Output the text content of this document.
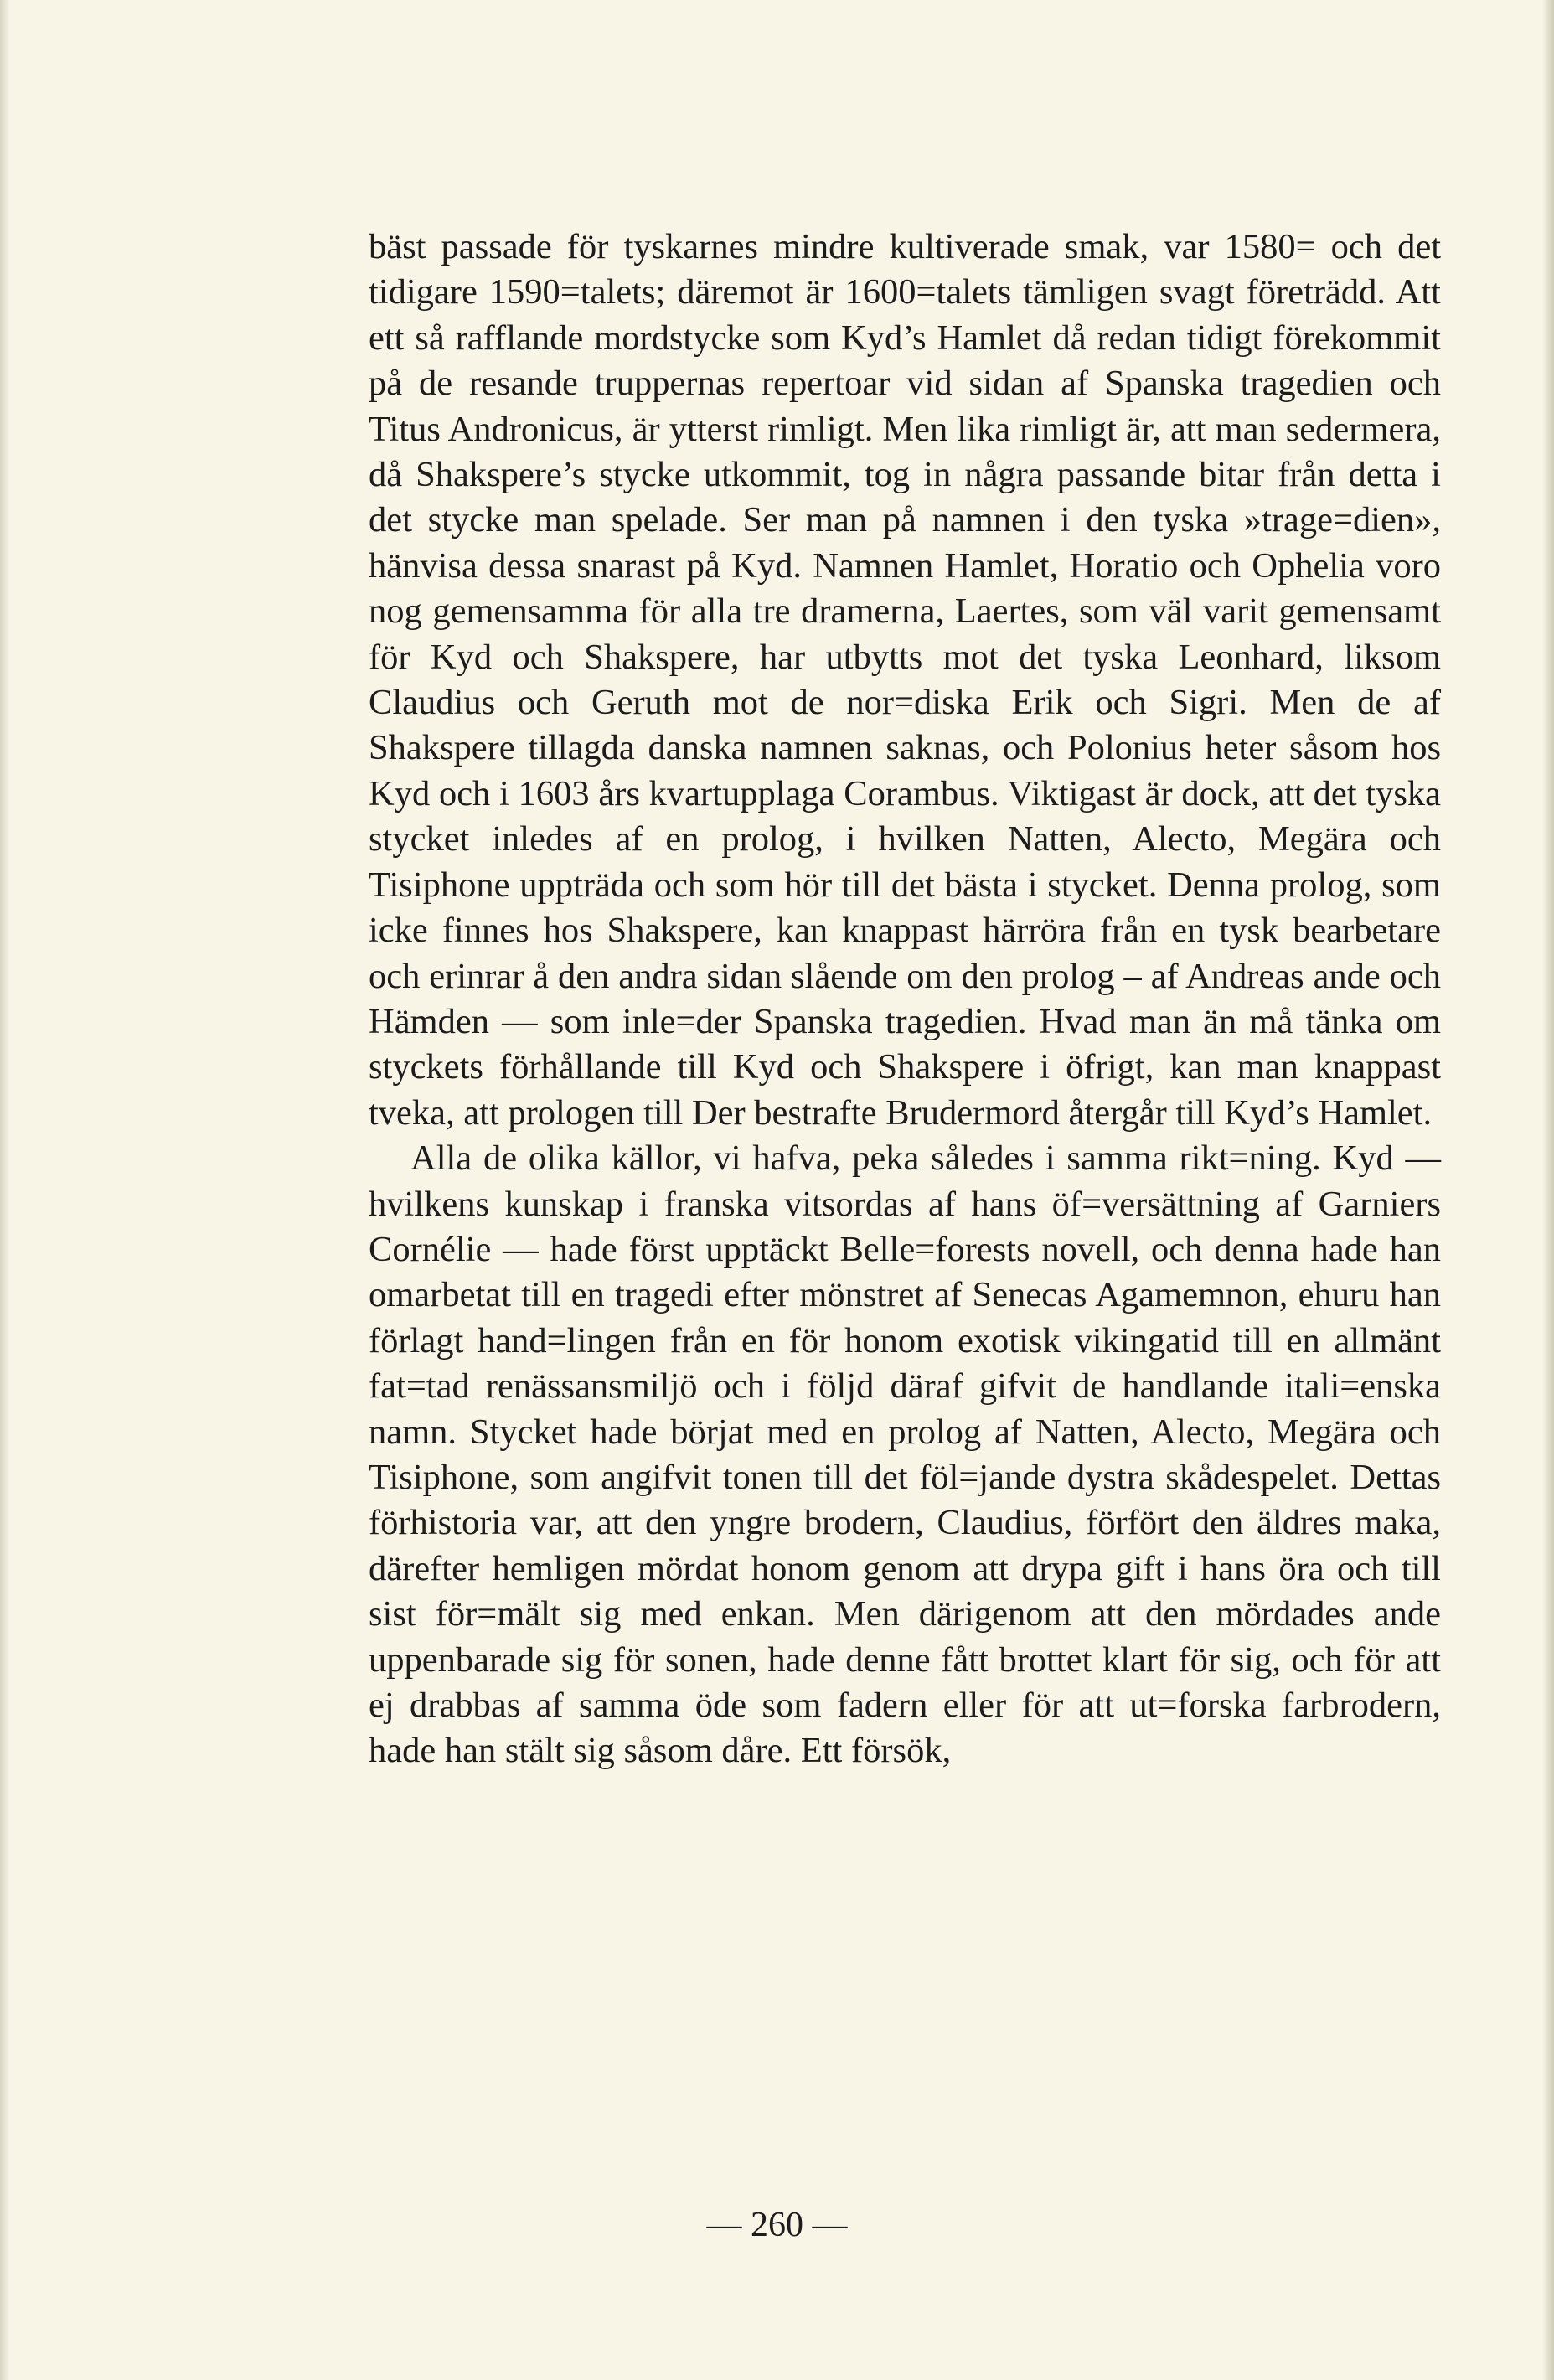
bäst passade för tyskarnes mindre kultiverade smak, var 1580= och det tidigare 1590=talets; däremot är 1600=talets tämligen svagt företrädd. Att ett så rafflande mordstycke som Kyd’s Hamlet då redan tidigt förekommit på de resande truppernas repertoar vid sidan af Spanska tragedien och Titus Andronicus, är ytterst rimligt. Men lika rimligt är, att man sedermera, då Shakspere’s stycke utkommit, tog in några passande bitar från detta i det stycke man spelade. Ser man på namnen i den tyska »trage=dien», hänvisa dessa snarast på Kyd. Namnen Hamlet, Horatio och Ophelia voro nog gemensamma för alla tre dramerna, Laertes, som väl varit gemensamt för Kyd och Shakspere, har utbytts mot det tyska Leonhard, liksom Claudius och Geruth mot de nor=diska Erik och Sigri. Men de af Shakspere tillagda danska namnen saknas, och Polonius heter såsom hos Kyd och i 1603 års kvartupplaga Corambus. Viktigast är dock, att det tyska stycket inledes af en prolog, i hvilken Natten, Alecto, Megära och Tisiphone uppträda och som hör till det bästa i stycket. Denna prolog, som icke finnes hos Shakspere, kan knappast härröra från en tysk bearbetare och erinrar å den andra sidan slående om den prolog – af Andreas ande och Hämden — som inle=der Spanska tragedien. Hvad man än må tänka om styckets förhållande till Kyd och Shakspere i öfrigt, kan man knappast tveka, att prologen till Der bestrafte Brudermord återgår till Kyd’s Hamlet.

Alla de olika källor, vi hafva, peka således i samma rikt=ning. Kyd — hvilkens kunskap i franska vitsordas af hans öf=versättning af Garniers Cornélie — hade först upptäckt Belle=forests novell, och denna hade han omarbetat till en tragedi efter mönstret af Senecas Agamemnon, ehuru han förlagt hand=lingen från en för honom exotisk vikingatid till en allmänt fat=tad renässansmiljö och i följd däraf gifvit de handlande itali=enska namn. Stycket hade börjat med en prolog af Natten, Alecto, Megära och Tisiphone, som angifvit tonen till det föl=jande dystra skådespelet. Dettas förhistoria var, att den yngre brodern, Claudius, förfört den äldres maka, därefter hemligen mördat honom genom att drypa gift i hans öra och till sist för=mält sig med enkan. Men därigenom att den mördades ande uppenbarade sig för sonen, hade denne fått brottet klart för sig, och för att ej drabbas af samma öde som fadern eller för att ut=forska farbrodern, hade han stält sig såsom dåre. Ett försök,

— 260 —
